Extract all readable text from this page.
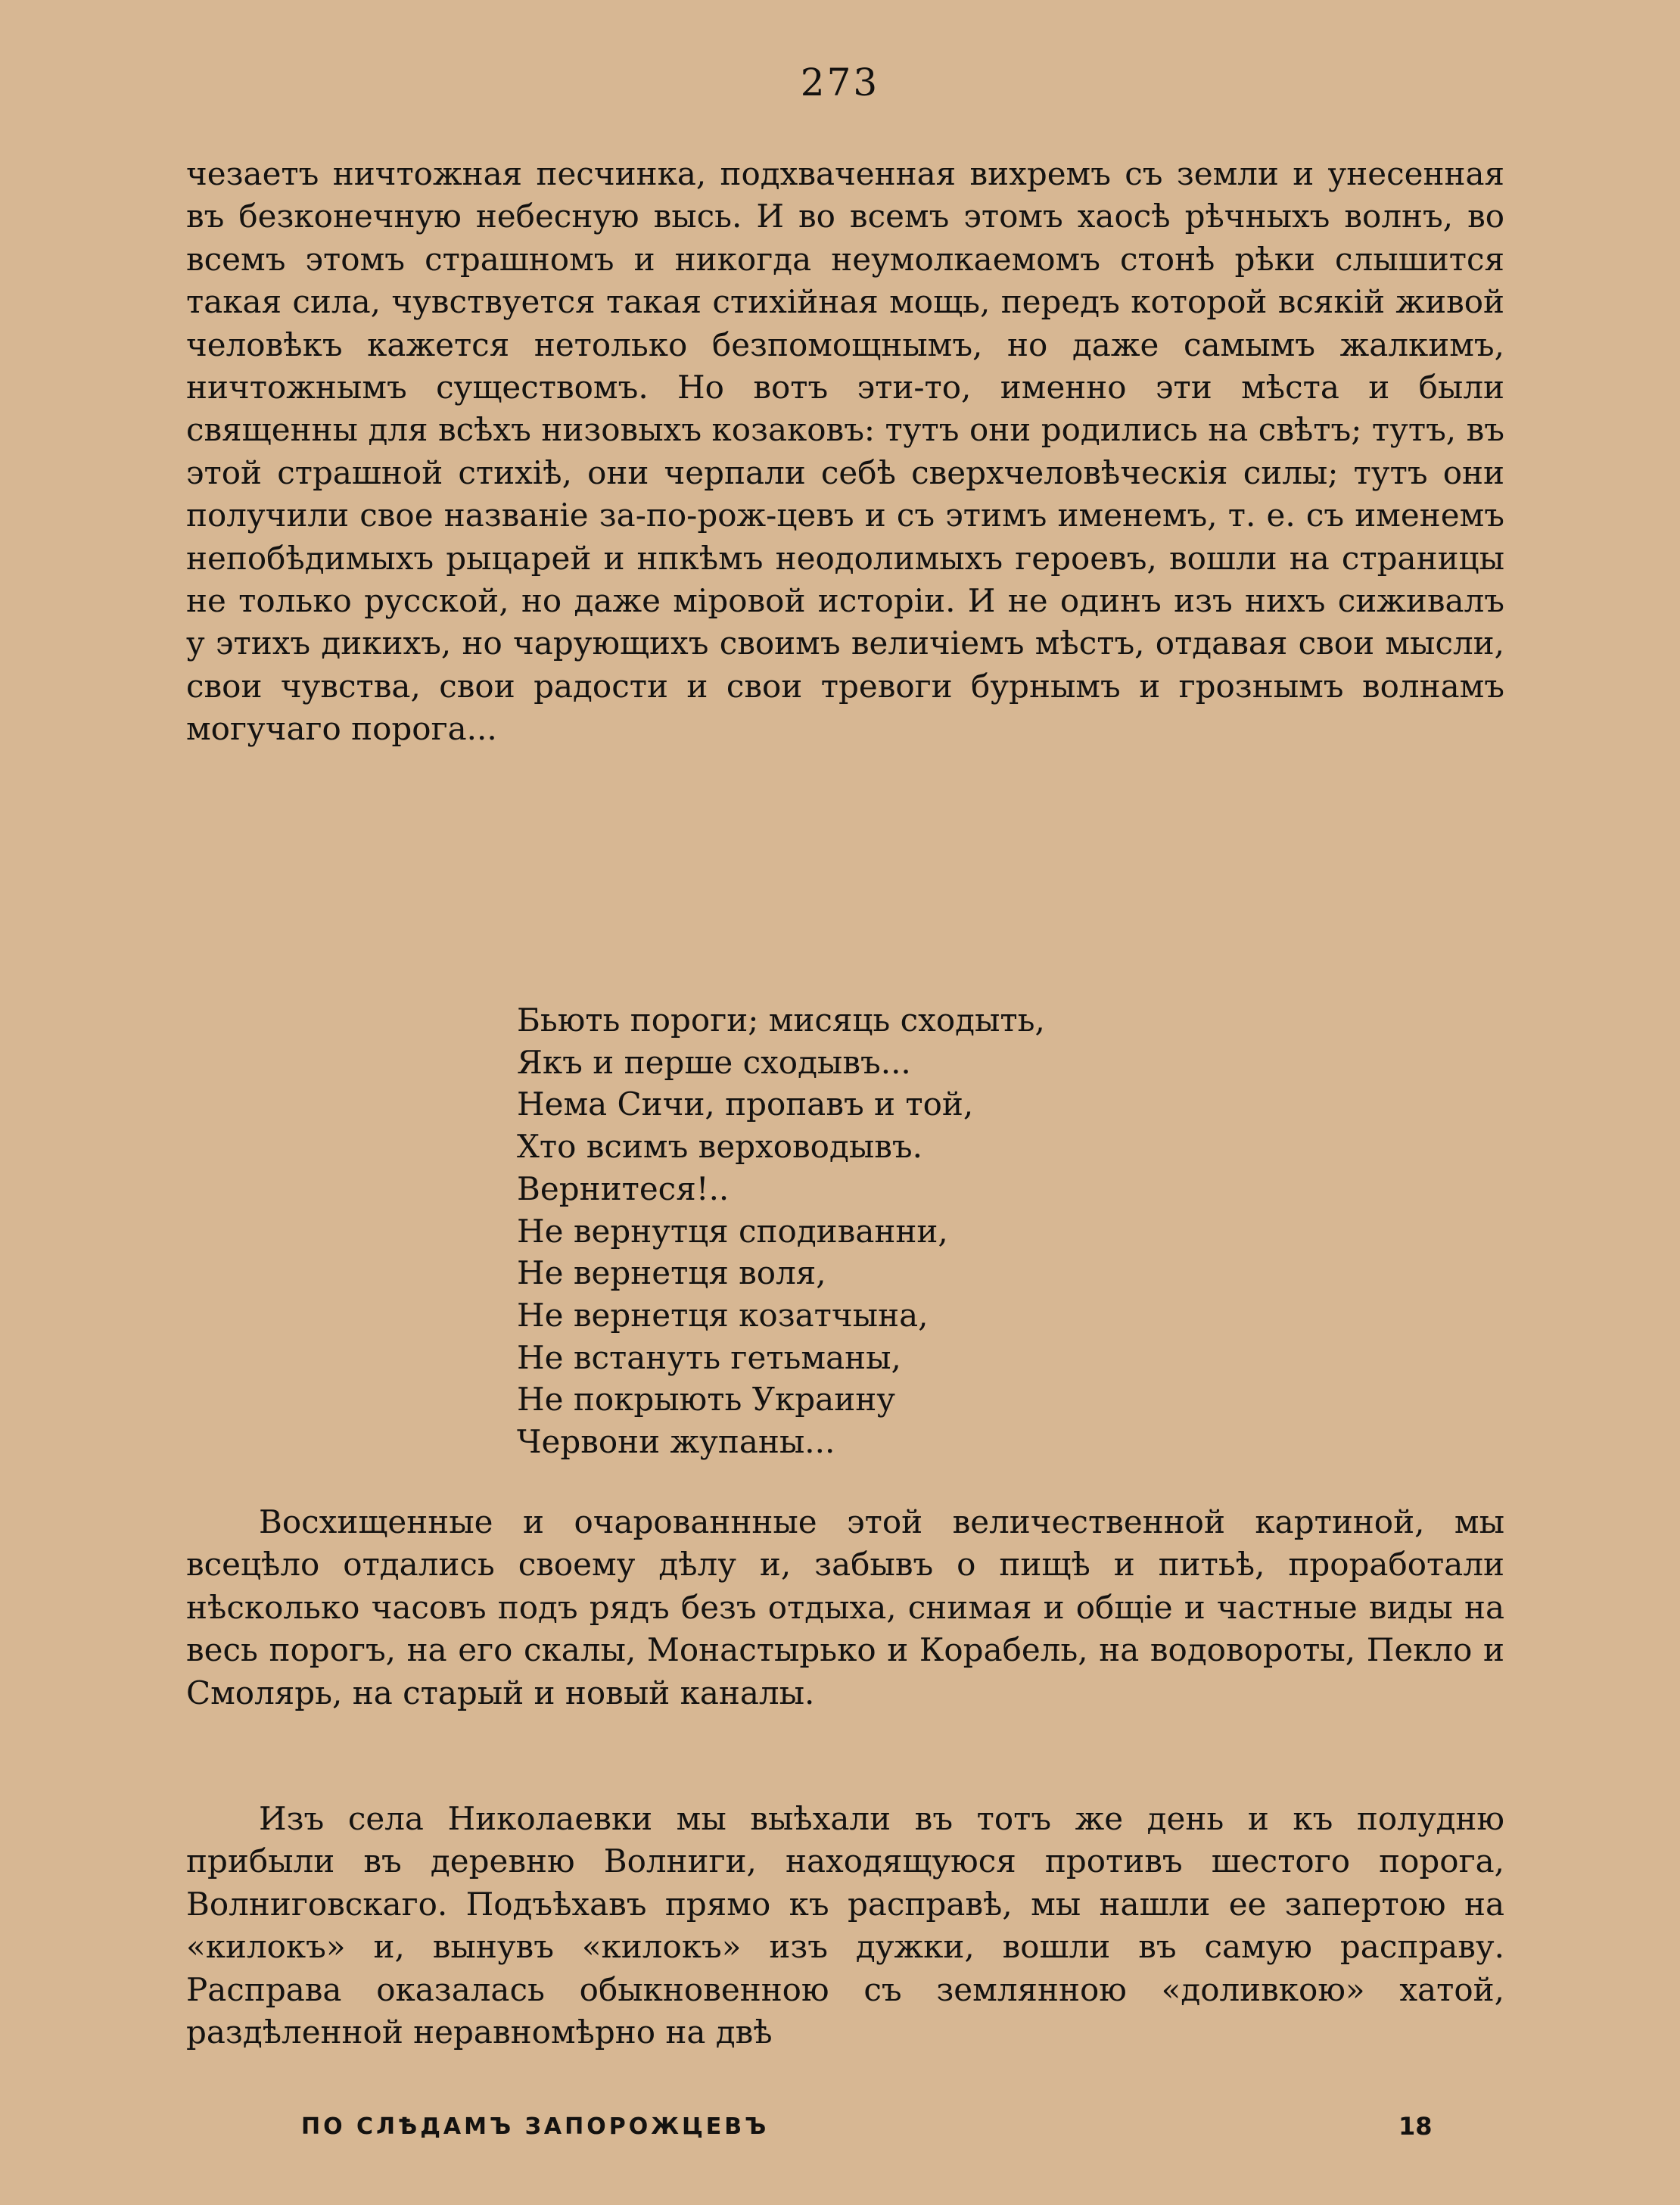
273
чезаетъ ничтожная песчинка, подхваченная вихремъ съ земли и унесенная въ безконечную небесную высь. И во всемъ этомъ хаосѣ рѣчныхъ волнъ, во всемъ этомъ страшномъ и никогда неумолкаемомъ стонѣ рѣки слышится такая сила, чувствуется такая стихійная мощь, передъ которой всякій живой человѣкъ кажется нетолько безпомощнымъ, но даже самымъ жалкимъ, ничтожнымъ существомъ. Но вотъ эти-то, именно эти мѣста и были священны для всѣхъ низовыхъ козаковъ: тутъ они родились на свѣтъ; тутъ, въ этой страшной стихіѣ, они черпали себѣ сверхчеловѣческія силы; тутъ они получили свое названіе за-по-рож-цевъ и съ этимъ именемъ, т. е. съ именемъ непобѣдимыхъ рыцарей и нпкѣмъ неодолимыхъ героевъ, вошли на страницы не только русской, но даже міровой исторіи. И не одинъ изъ нихъ сиживалъ у этихъ дикихъ, но чарующихъ своимъ величіемъ мѣстъ, отдавая свои мысли, свои чувства, свои радости и свои тревоги бурнымъ и грознымъ волнамъ могучаго порога...
Бьють пороги; мисяць сходыть,
Якъ и перше сходывъ...
Нема Сичи, пропавъ и той,
Хто всимъ верховодывъ.
Вернитеся!..
Не вернутця сподиванни,
Не вернетця воля,
Не вернетця козатчына,
Не встануть гетьманы,
Не покрыють Украину
Червони жупаны...
Восхищенные и очарованнные этой величественной картиной, мы всецѣло отдались своему дѣлу и, забывъ о пищѣ и питьѣ, проработали нѣсколько часовъ подъ рядъ безъ отдыха, снимая и общіе и частные виды на весь порогъ, на его скалы, Монастырько и Корабель, на водовороты, Пекло и Смолярь, на старый и новый каналы.
Изъ села Николаевки мы выѣхали въ тотъ же день и къ полудню прибыли въ деревню Волниги, находящуюся противъ шестого порога, Волниговскаго. Подъѣхавъ прямо къ расправѣ, мы нашли ее запертою на «килокъ» и, вынувъ «килокъ» изъ дужки, вошли въ самую расправу. Расправа оказалась обыкновенною съ землянною «доливкою» хатой, раздѣленной неравномѣрно на двѣ
ПО СЛѢДАМЪ ЗАПОРОЖЦЕВЪ	18
